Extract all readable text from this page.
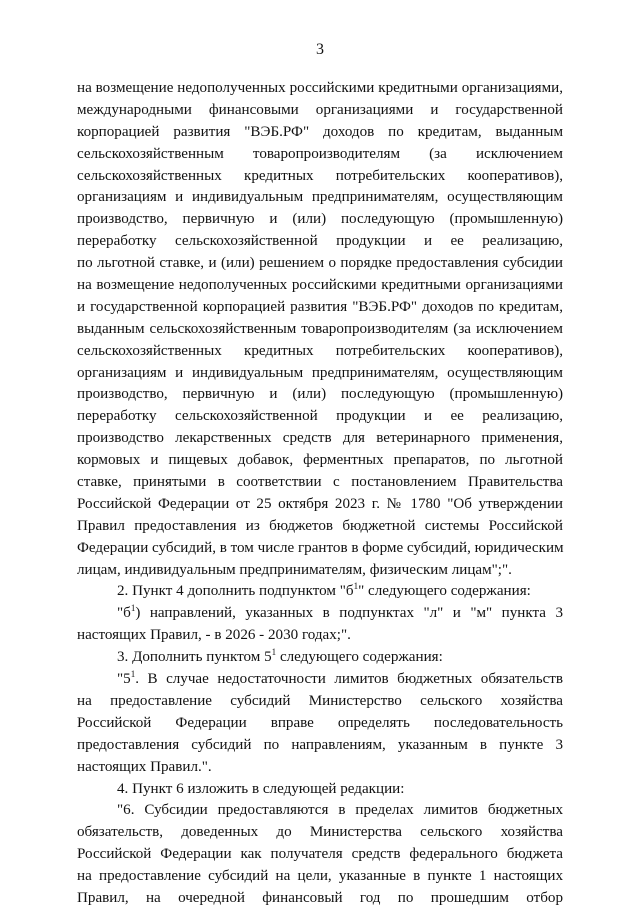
3
на возмещение недополученных российскими кредитными организациями,
международными финансовыми организациями и государственной
корпорацией развития "ВЭБ.РФ" доходов по кредитам, выданным
сельскохозяйственным товаропроизводителям (за исключением
сельскохозяйственных кредитных потребительских кооперативов),
организациям и индивидуальным предпринимателям, осуществляющим
производство, первичную и (или) последующую (промышленную)
переработку сельскохозяйственной продукции и ее реализацию,
по льготной ставке, и (или) решением о порядке предоставления субсидии
на возмещение недополученных российскими кредитными организациями
и государственной корпорацией развития "ВЭБ.РФ" доходов по кредитам,
выданным сельскохозяйственным товаропроизводителям (за исключением
сельскохозяйственных кредитных потребительских кооперативов),
организациям и индивидуальным предпринимателям, осуществляющим
производство, первичную и (или) последующую (промышленную)
переработку сельскохозяйственной продукции и ее реализацию,
производство лекарственных средств для ветеринарного применения,
кормовых и пищевых добавок, ферментных препаратов, по льготной
ставке, принятыми в соответствии с постановлением Правительства
Российской Федерации от 25 октября 2023 г. № 1780 "Об утверждении
Правил предоставления из бюджетов бюджетной системы Российской
Федерации субсидий, в том числе грантов в форме субсидий, юридическим
лицам, индивидуальным предпринимателям, физическим лицам";".
2. Пункт 4 дополнить подпунктом "$б^1$" следующего содержания:
"$б^1$) направлений, указанных в подпунктах "л" и "м" пункта 3
настоящих Правил, - в 2026 - 2030 годах;".
3. Дополнить пунктом $5^1$ следующего содержания:
"$5^1$. В случае недостаточности лимитов бюджетных обязательств
на предоставление субсидий Министерство сельского хозяйства
Российской Федерации вправе определять последовательность
предоставления субсидий по направлениям, указанным в пункте 3
настоящих Правил.".
4. Пункт 6 изложить в следующей редакции:
"6. Субсидии предоставляются в пределах лимитов бюджетных
обязательств, доведенных до Министерства сельского хозяйства
Российской Федерации как получателя средств федерального бюджета
на предоставление субсидий на цели, указанные в пункте 1 настоящих
Правил, на очередной финансовый год по прошедшим отбор
